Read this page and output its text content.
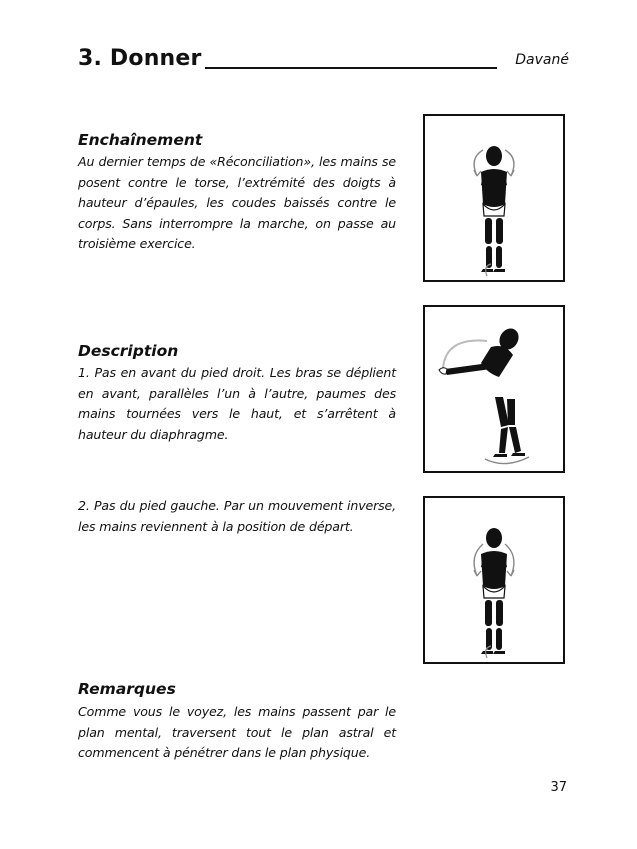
3. Donner	Davané
Enchaînement
Au dernier temps de «Réconciliation», les mains se posent contre le torse, l’extrémité des doigts à hauteur d’épaules, les coudes baissés contre le corps. Sans interrompre la marche, on passe au troisième exercice.
Description
1. Pas en avant du pied droit. Les bras se déplient en avant, parallèles l’un à l’autre, paumes des mains tournées vers le haut, et s’arrêtent à hauteur du diaphragme.
2. Pas du pied gauche. Par un mouvement inverse, les mains reviennent à la position de départ.
Remarques
Comme vous le voyez, les mains passent par le plan mental, traversent tout le plan astral et commencent à pénétrer dans le plan physique.
37
